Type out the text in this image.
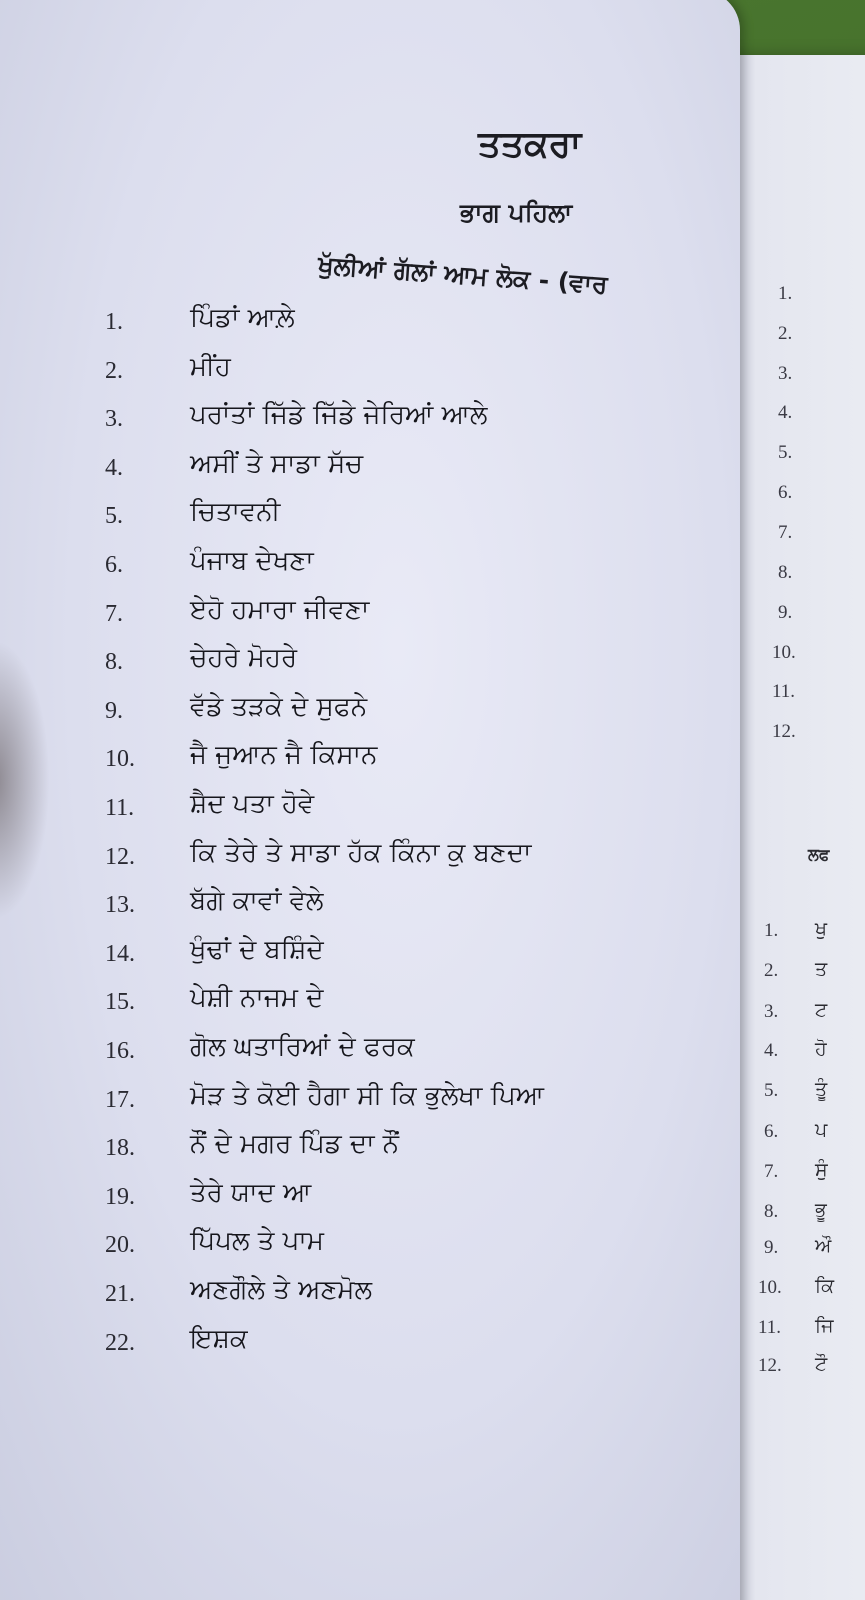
ਲਫ
1.
2.
3.
4.
5.
6.
7.
8.
9.
10.
11.
12.
1. ਖੁ
2. ਤ
3. ਟ
4. ਹੋ
5. ਤੂੰ
6. ਪ
7. ਸੁੰ
8. ਭੂ
9. ਔ
10. ਕਿ
11. ਜਿ
12. ਟੌ
ਤਤਕਰਾ
ਭਾਗ ਪਹਿਲਾ
ਖੁੱਲੀਆਂ ਗੱਲਾਂ ਆਮ ਲੋਕ - (ਵਾਰ
1.	ਪਿੰਡਾਂ ਆਲ਼ੇ
2.	ਮੀਂਹ
3.	ਪਰਾਂਤਾਂ ਜਿੱਡੇ ਜਿੱਡੇ ਜੇਰਿਆਂ ਆਲੇ
4.	ਅਸੀਂ ਤੇ ਸਾਡਾ ਸੱਚ
5.	ਚਿਤਾਵਨੀ
6.	ਪੰਜਾਬ ਦੇਖਣਾ
7.	ਏਹੋ ਹਮਾਰਾ ਜੀਵਣਾ
8.	ਚੇਹਰੇ ਮੋਹਰੇ
9.	ਵੱਡੇ ਤੜਕੇ ਦੇ ਸੁਫਨੇ
10.	ਜੈ ਜੁਆਨ ਜੈ ਕਿਸਾਨ
11.	ਸ਼ੈਦ ਪਤਾ ਹੋਵੇ
12.	ਕਿ ਤੇਰੇ ਤੇ ਸਾਡਾ ਹੱਕ ਕਿੰਨਾ ਕੁ ਬਣਦਾ
13.	ਬੱਗੇ ਕਾਵਾਂ ਵੇਲੇ
14.	ਖੁੰਢਾਂ ਦੇ ਬਸ਼ਿੰਦੇ
15.	ਪੇਸ਼ੀ ਨਾਜਮ ਦੇ
16.	ਗੋਲ ਘਤਾਰਿਆਂ ਦੇ ਫਰਕ
17.	ਮੋੜ ਤੇ ਕੋਈ ਹੈਗਾ ਸੀ ਕਿ ਭੁਲੇਖਾ ਪਿਆ
18.	ਨੌਂ ਦੇ ਮਗਰ ਪਿੰਡ ਦਾ ਨੌਂ
19.	ਤੇਰੇ ਯਾਦ ਆ
20.	ਪਿੱਪਲ ਤੇ ਪਾਮ
21.	ਅਣਗੌਲੇ ਤੇ ਅਣਮੋਲ
22.	ਇਸ਼ਕ
